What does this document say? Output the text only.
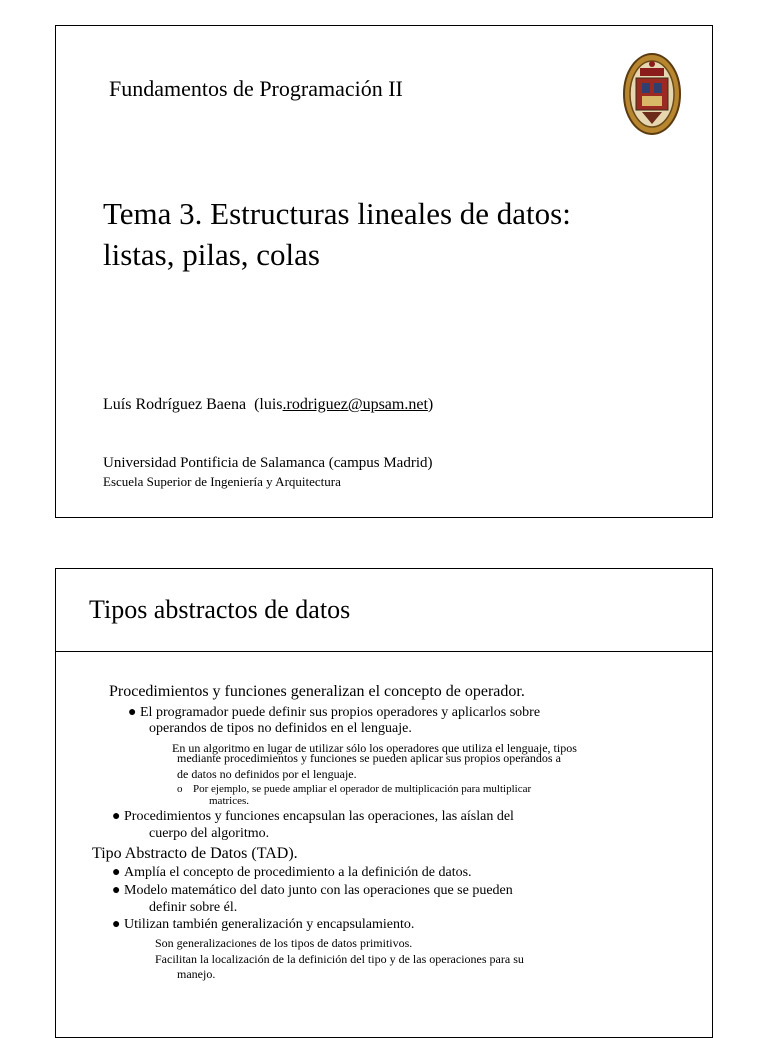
Fundamentos de Programación II
Tema 3. Estructuras lineales de datos:
listas, pilas, colas
Luís Rodríguez Baena (luis.rodriguez@upsam.net)
Universidad Pontificia de Salamanca (campus Madrid)
Escuela Superior de Ingeniería y Arquitectura
Tipos abstractos de datos
Procedimientos y funciones generalizan el concepto de operador.
● El programador puede definir sus propios operadores y aplicarlos sobre
operandos de tipos no definidos en el lenguaje.
En un algoritmo en lugar de utilizar sólo los operadores que utiliza el lenguaje, tipos
mediante procedimientos y funciones se pueden aplicar sus propios operandos a
de datos no definidos por el lenguaje.
o Por ejemplo, se puede ampliar el operador de multiplicación para multiplicar
matrices.
● Procedimientos y funciones encapsulan las operaciones, las aíslan del
cuerpo del algoritmo.
Tipo Abstracto de Datos (TAD).
● Amplía el concepto de procedimiento a la definición de datos.
● Modelo matemático del dato junto con las operaciones que se pueden
definir sobre él.
● Utilizan también generalización y encapsulamiento.
Son generalizaciones de los tipos de datos primitivos.
Facilitan la localización de la definición del tipo y de las operaciones para su
manejo.
